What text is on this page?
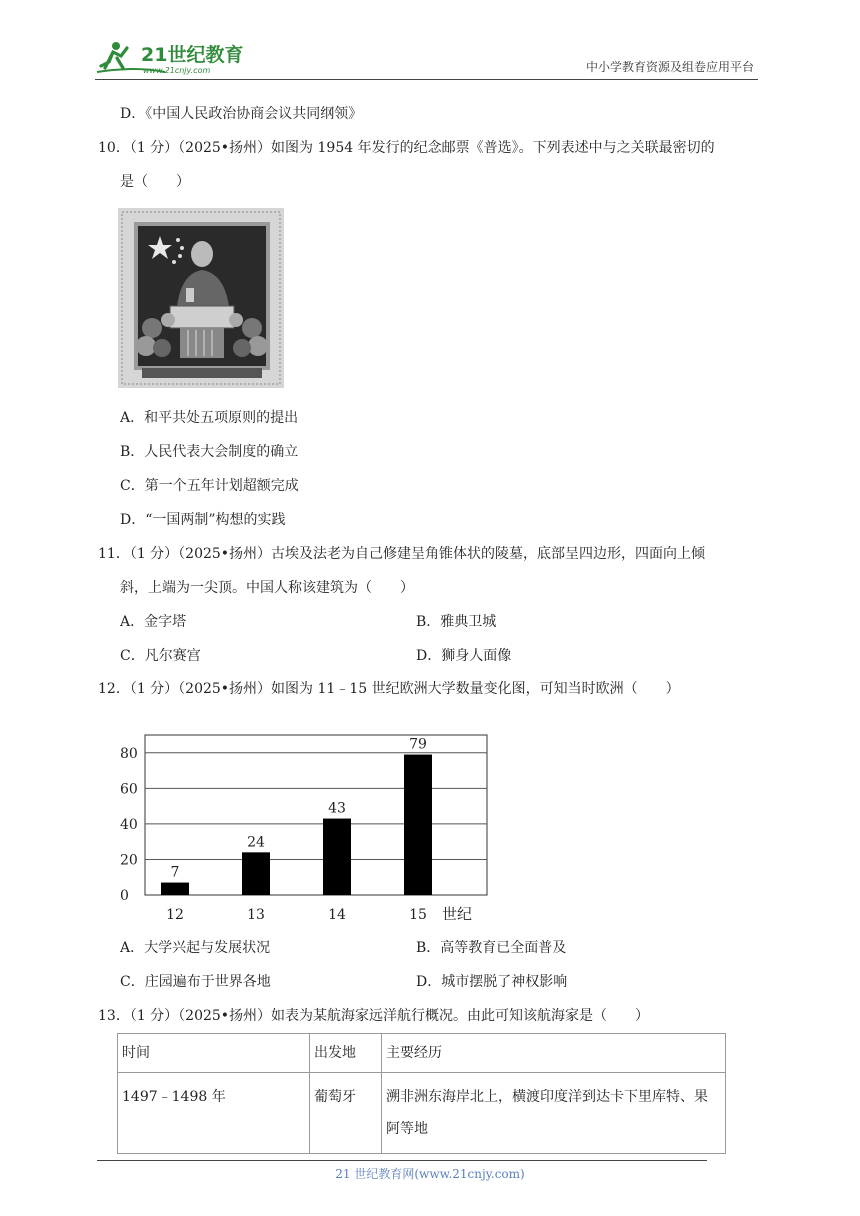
21世纪教育
www.21cnjy.com	中小学教育资源及组卷应用平台
D．《中国人民政治协商会议共同纲领》
10．（1 分）（2025•扬州）如图为 1954 年发行的纪念邮票《普选》。下列表述中与之关联最密切的
是（　　）
A．和平共处五项原则的提出
B．人民代表大会制度的确立
C．第一个五年计划超额完成
D．“一国两制”构想的实践
11．（1 分）（2025•扬州）古埃及法老为自己修建呈角锥体状的陵墓，底部呈四边形，四面向上倾
斜，上端为一尖顶。中国人称该建筑为（　　）
A．金字塔	B．雅典卫城
C．凡尔赛宫	D．狮身人面像
12．（1 分）（2025•扬州）如图为 11﹣15 世纪欧洲大学数量变化图，可知当时欧洲（　　）
0
20
40
60
80
7
12
24
13
43
14
79
15 世纪
A．大学兴起与发展状况	B．高等教育已全面普及
C．庄园遍布于世界各地	D．城市摆脱了神权影响
13．（1 分）（2025•扬州）如表为某航海家远洋航行概况。由此可知该航海家是（　　）
时间	出发地	主要经历
1497﹣1498 年	葡萄牙	溯非洲东海岸北上，横渡印度洋到达卡下里库特、果阿等地
21 世纪教育网(www.21cnjy.com)
